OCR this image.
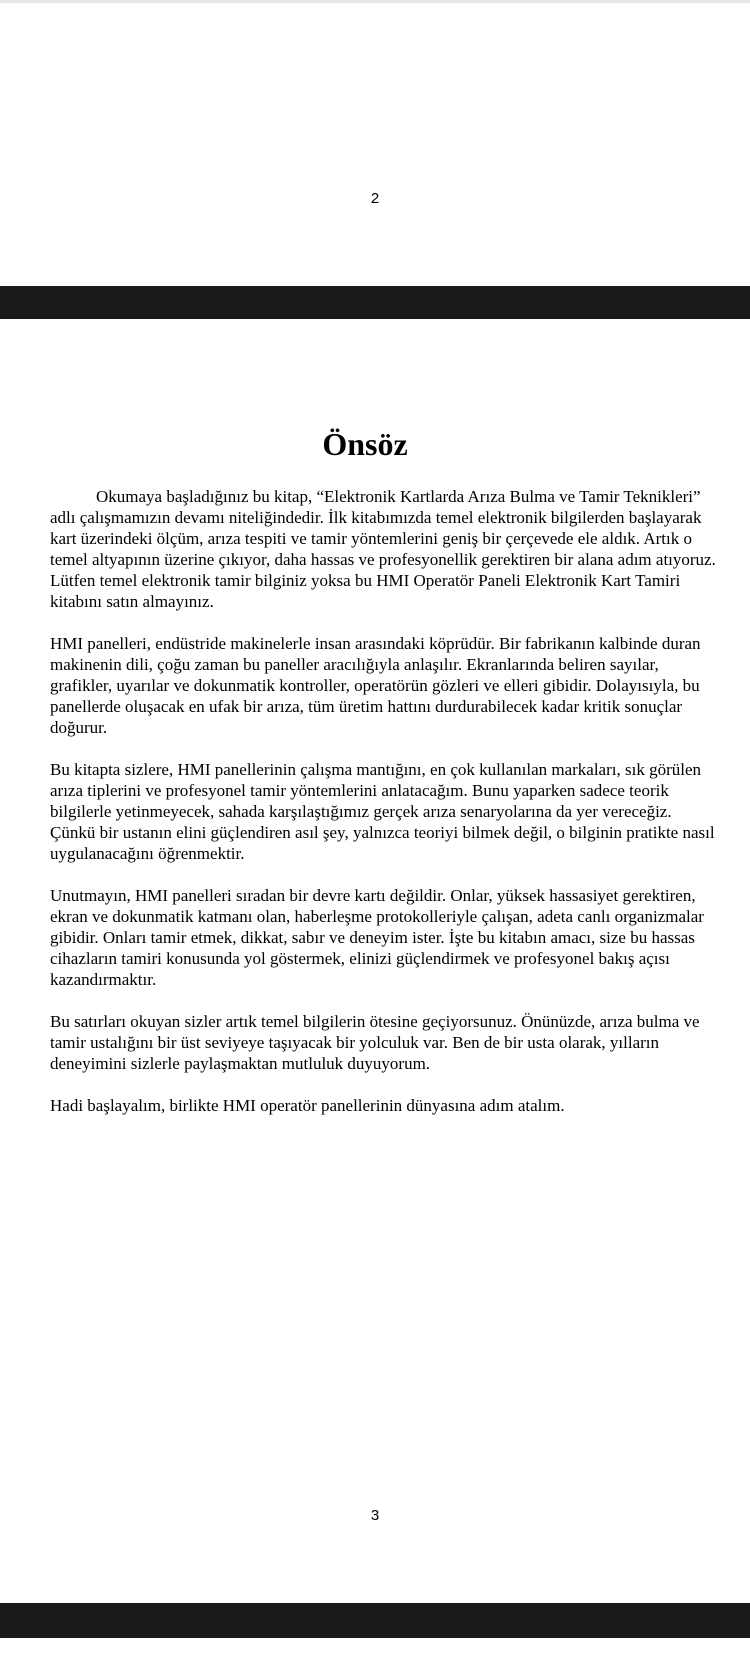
2
Önsöz

Okumaya başladığınız bu kitap, “Elektronik Kartlarda Arıza Bulma ve Tamir Teknikleri” adlı çalışmamızın devamı niteliğindedir. İlk kitabımızda temel elektronik bilgilerden başlayarak kart üzerindeki ölçüm, arıza tespiti ve tamir yöntemlerini geniş bir çerçevede ele aldık. Artık o temel altyapının üzerine çıkıyor, daha hassas ve profesyonellik gerektiren bir alana adım atıyoruz. Lütfen temel elektronik tamir bilginiz yoksa bu HMI Operatör Paneli Elektronik Kart Tamiri kitabını satın almayınız.

HMI panelleri, endüstride makinelerle insan arasındaki köprüdür. Bir fabrikanın kalbinde duran makinenin dili, çoğu zaman bu paneller aracılığıyla anlaşılır. Ekranlarında beliren sayılar, grafikler, uyarılar ve dokunmatik kontroller, operatörün gözleri ve elleri gibidir. Dolayısıyla, bu panellerde oluşacak en ufak bir arıza, tüm üretim hattını durdurabilecek kadar kritik sonuçlar doğurur.

Bu kitapta sizlere, HMI panellerinin çalışma mantığını, en çok kullanılan markaları, sık görülen arıza tiplerini ve profesyonel tamir yöntemlerini anlatacağım. Bunu yaparken sadece teorik bilgilerle yetinmeyecek, sahada karşılaştığımız gerçek arıza senaryolarına da yer vereceğiz. Çünkü bir ustanın elini güçlendiren asıl şey, yalnızca teoriyi bilmek değil, o bilginin pratikte nasıl uygulanacağını öğrenmektir.

Unutmayın, HMI panelleri sıradan bir devre kartı değildir. Onlar, yüksek hassasiyet gerektiren, ekran ve dokunmatik katmanı olan, haberleşme protokolleriyle çalışan, adeta canlı organizmalar gibidir. Onları tamir etmek, dikkat, sabır ve deneyim ister. İşte bu kitabın amacı, size bu hassas cihazların tamiri konusunda yol göstermek, elinizi güçlendirmek ve profesyonel bakış açısı kazandırmaktır.

Bu satırları okuyan sizler artık temel bilgilerin ötesine geçiyorsunuz. Önünüzde, arıza bulma ve tamir ustalığını bir üst seviyeye taşıyacak bir yolculuk var. Ben de bir usta olarak, yılların deneyimini sizlerle paylaşmaktan mutluluk duyuyorum.

Hadi başlayalım, birlikte HMI operatör panellerinin dünyasına adım atalım.

3
